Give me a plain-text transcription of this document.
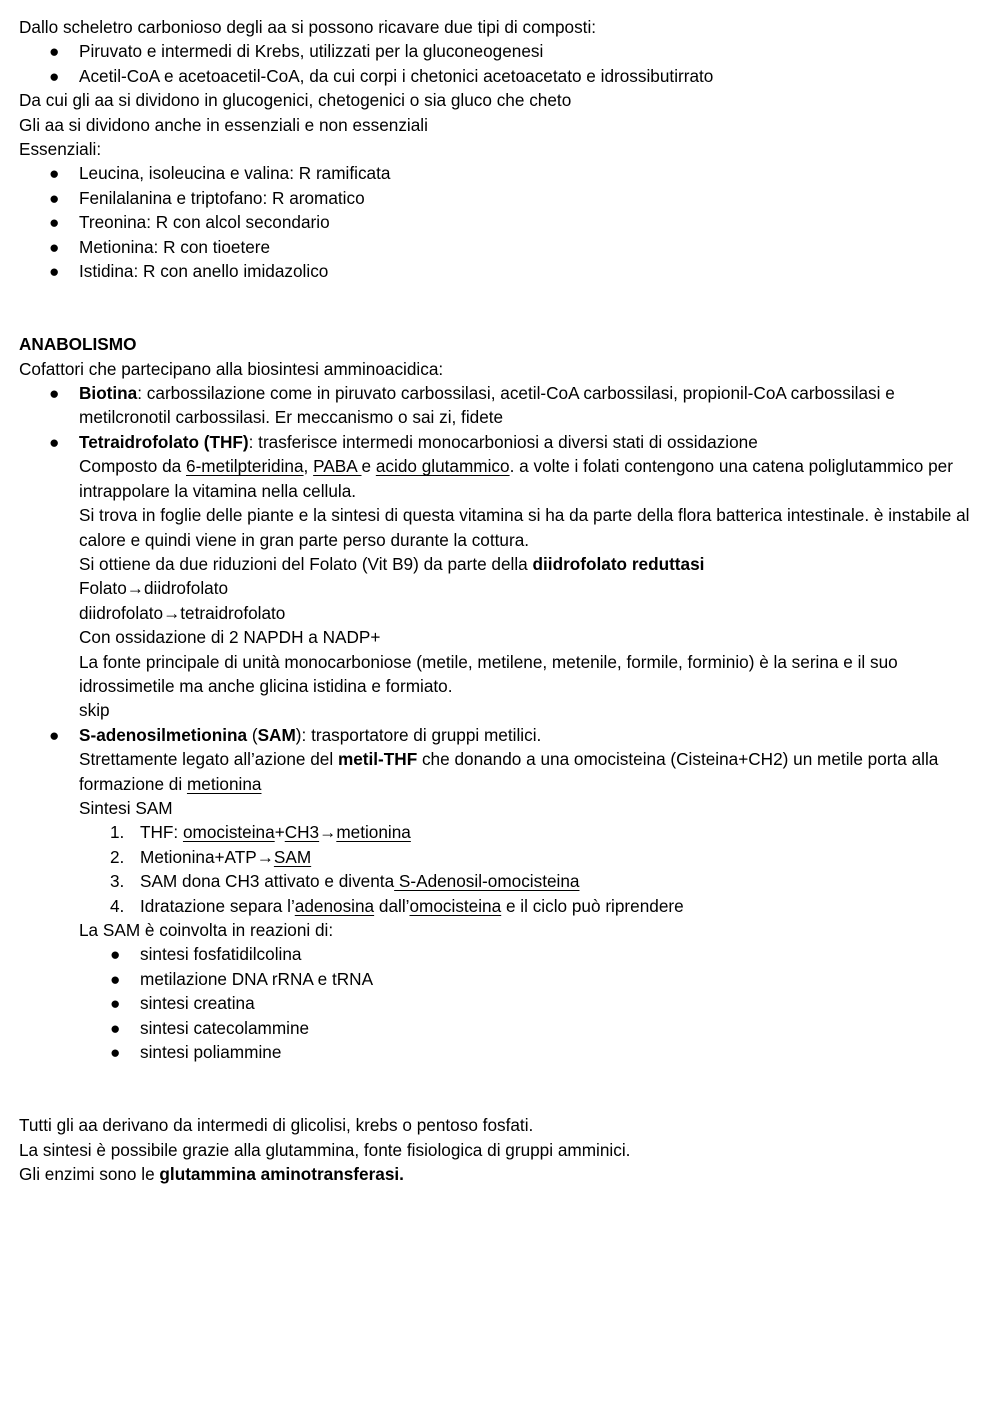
Dallo scheletro carbonioso degli aa si possono ricavare due tipi di composti:

● Piruvato e intermedi di Krebs, utilizzati per la gluconeogenesi
● Acetil-CoA e acetoacetil-CoA, da cui corpi i chetonici acetoacetato e idrossibutirrato

Da cui gli aa si dividono in glucogenici, chetogenici o sia gluco che cheto

Gli aa si dividono anche in essenziali e non essenziali

Essenziali:

● Leucina, isoleucina e valina: R ramificata
● Fenilalanina e triptofano: R aromatico
● Treonina: R con alcol secondario
● Metionina: R con tioetere
● Istidina: R con anello imidazolico

ANABOLISMO

Cofattori che partecipano alla biosintesi amminoacidica:

● Biotina: carbossilazione come in piruvato carbossilasi, acetil-CoA carbossilasi, propionil-CoA carbossilasi e metilcronotil carbossilasi. Er meccanismo o sai zi, fidete
● Tetraidrofolato (THF): trasferisce intermedi monocarboniosi a diversi stati di ossidazione
Composto da 6-metilpteridina, PABA e acido glutammico. a volte i folati contengono una catena poliglutammico per intrappolare la vitamina nella cellula.
Si trova in foglie delle piante e la sintesi di questa vitamina si ha da parte della flora batterica intestinale. è instabile al calore e quindi viene in gran parte perso durante la cottura.
Si ottiene da due riduzioni del Folato (Vit B9) da parte della diidrofolato reduttasi
Folato→diidrofolato
diidrofolato→tetraidrofolato
Con ossidazione di 2 NAPDH a NADP+
La fonte principale di unità monocarboniose (metile, metilene, metenile, formile, forminio) è la serina e il suo idrossimetile ma anche glicina istidina e formiato.
skip
● S-adenosilmetionina (SAM): trasportatore di gruppi metilici.
Strettamente legato all’azione del metil-THF che donando a una omocisteina (Cisteina+CH2) un metile porta alla formazione di metionina
Sintesi SAM
1. THF: omocisteina+CH3→metionina
2. Metionina+ATP→SAM
3. SAM dona CH3 attivato e diventa S-Adenosil-omocisteina
4. Idratazione separa l’adenosina dall’omocisteina e il ciclo può riprendere
La SAM è coinvolta in reazioni di:
● sintesi fosfatidilcolina
● metilazione DNA rRNA e tRNA
● sintesi creatina
● sintesi catecolammine
● sintesi poliammine

Tutti gli aa derivano da intermedi di glicolisi, krebs o pentoso fosfati.

La sintesi è possibile grazie alla glutammina, fonte fisiologica di gruppi amminici.

Gli enzimi sono le glutammina aminotransferasi.
